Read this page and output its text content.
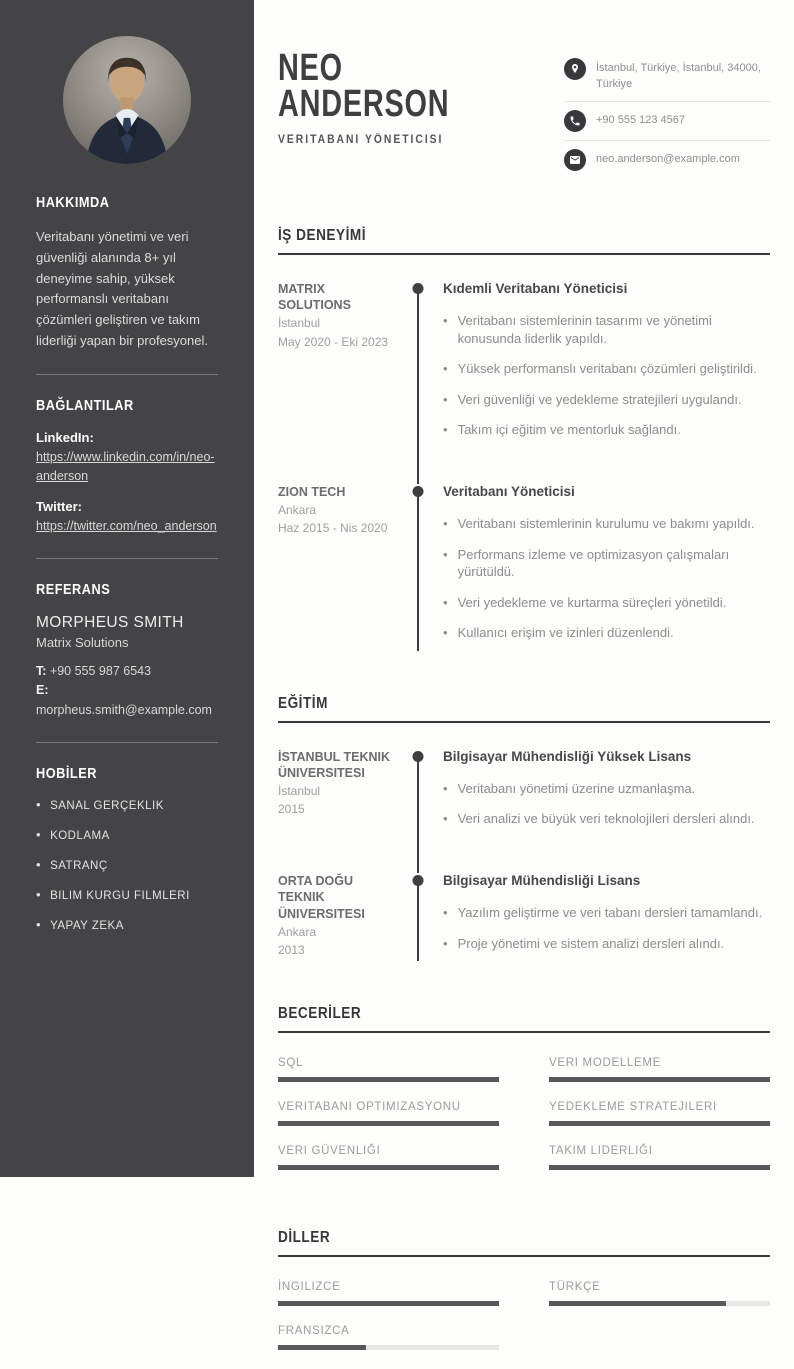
HAKKIMDA

Veritabanı yönetimi ve veri güvenliği alanında 8+ yıl deneyime sahip, yüksek performanslı veritabanı çözümleri geliştiren ve takım liderliği yapan bir profesyonel.

BAĞLANTILAR
LinkedIn:
https://www.linkedin.com/in/neo-anderson
Twitter:
https://twitter.com/neo_anderson
REFERANS
MORPHEUS SMITH
Matrix Solutions
T: +90 555 987 6543
E: morpheus.smith@example.com
HOBİLER
• SANAL GERÇEKLIK
• KODLAMA
• SATRANÇ
• BILIM KURGU FILMLERI
• YAPAY ZEKA
NEO
ANDERSON
VERITABANI YÖNETICISI
İstanbul, Türkiye, İstanbul, 34000, Türkiye
+90 555 123 4567
neo.anderson@example.com
İŞ DENEYİMİ
MATRIX SOLUTIONS
İstanbul
May 2020 - Eki 2023
Kıdemli Veritabanı Yöneticisi
• Veritabanı sistemlerinin tasarımı ve yönetimi konusunda liderlik yapıldı.
• Yüksek performanslı veritabanı çözümleri geliştirildi.
• Veri güvenliği ve yedekleme stratejileri uygulandı.
• Takım içi eğitim ve mentorluk sağlandı.
ZION TECH
Ankara
Haz 2015 - Nis 2020
Veritabanı Yöneticisi
• Veritabanı sistemlerinin kurulumu ve bakımı yapıldı.
• Performans izleme ve optimizasyon çalışmaları yürütüldü.
• Veri yedekleme ve kurtarma süreçleri yönetildi.
• Kullanıcı erişim ve izinleri düzenlendi.
EĞİTİM
İSTANBUL TEKNIK ÜNIVERSITESI
İstanbul
2015
Bilgisayar Mühendisliği Yüksek Lisans
• Veritabanı yönetimi üzerine uzmanlaşma.
• Veri analizi ve büyük veri teknolojileri dersleri alındı.
ORTA DOĞU TEKNIK ÜNIVERSITESI
Ankara
2013
Bilgisayar Mühendisliği Lisans
• Yazılım geliştirme ve veri tabanı dersleri tamamlandı.
• Proje yönetimi ve sistem analizi dersleri alındı.
BECERİLER
SQL	VERI MODELLEME
VERITABANI OPTIMIZASYONU	YEDEKLEME STRATEJILERI
VERI GÜVENLIĞI	TAKIM LIDERLIĞI
DİLLER
İNGILIZCE	TÜRKÇE
FRANSIZCA
